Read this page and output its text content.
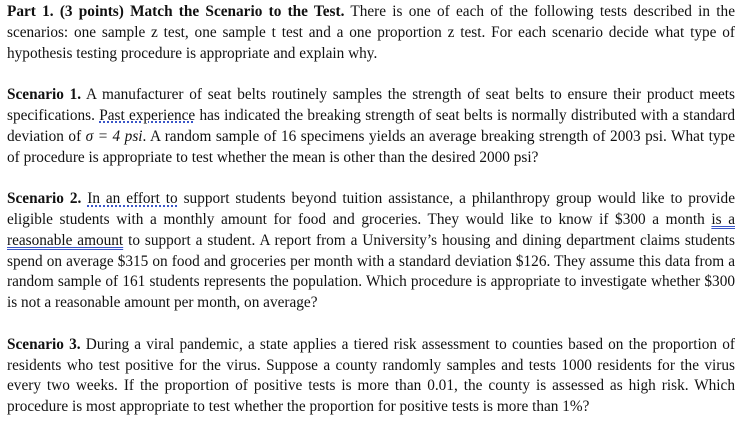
Part 1. (3 points) Match the Scenario to the Test. There is one of each of the following tests described in the scenarios: one sample z test, one sample t test and a one proportion z test. For each scenario decide what type of hypothesis testing procedure is appropriate and explain why.

Scenario 1. A manufacturer of seat belts routinely samples the strength of seat belts to ensure their product meets specifications. Past experience has indicated the breaking strength of seat belts is normally distributed with a standard deviation of σ = 4 psi. A random sample of 16 specimens yields an average breaking strength of 2003 psi. What type of procedure is appropriate to test whether the mean is other than the desired 2000 psi?

Scenario 2. In an effort to support students beyond tuition assistance, a philanthropy group would like to provide eligible students with a monthly amount for food and groceries. They would like to know if $300 a month is a reasonable amount to support a student. A report from a University’s housing and dining department claims students spend on average $315 on food and groceries per month with a standard deviation $126. They assume this data from a random sample of 161 students represents the population. Which procedure is appropriate to investigate whether $300 is not a reasonable amount per month, on average?

Scenario 3. During a viral pandemic, a state applies a tiered risk assessment to counties based on the proportion of residents who test positive for the virus. Suppose a county randomly samples and tests 1000 residents for the virus every two weeks. If the proportion of positive tests is more than 0.01, the county is assessed as high risk. Which procedure is most appropriate to test whether the proportion for positive tests is more than 1%?
